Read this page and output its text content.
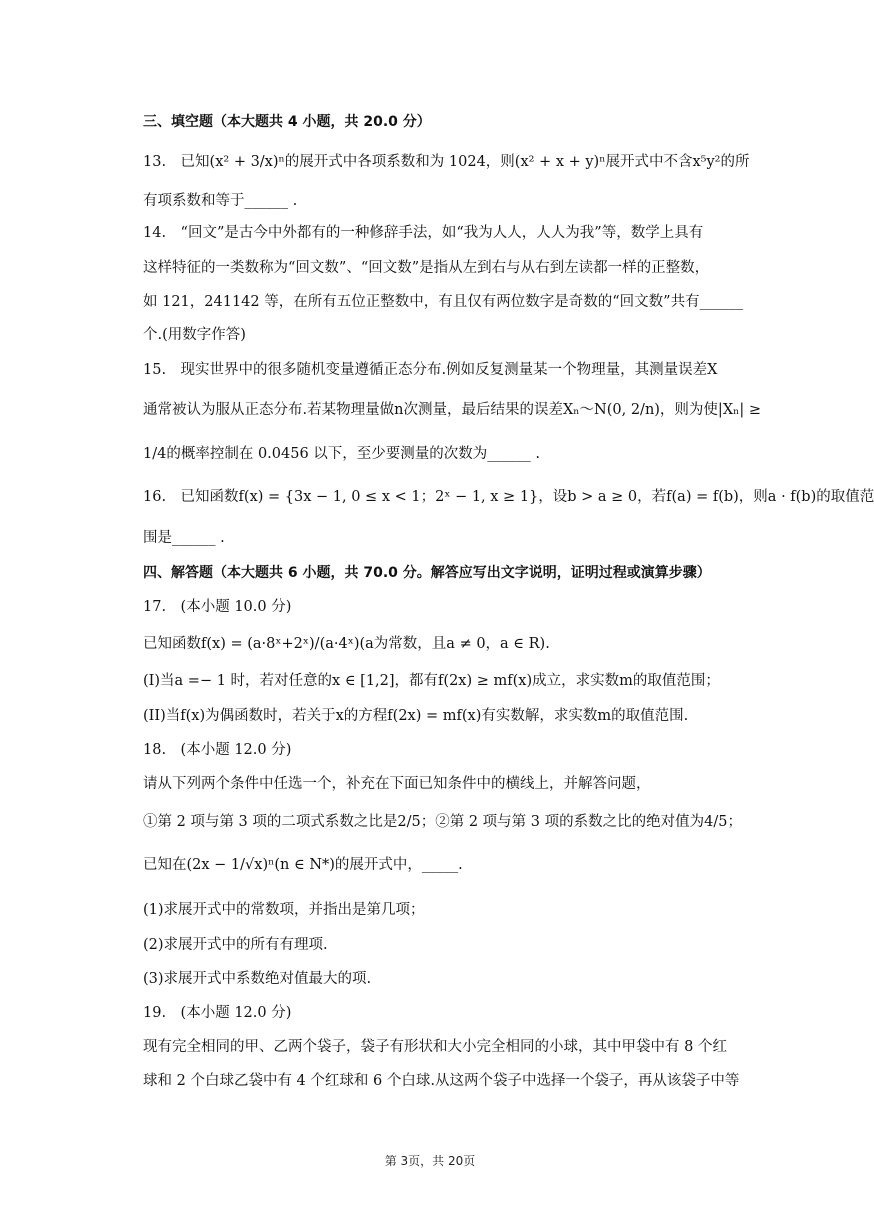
三、填空题（本大题共 4 小题，共 20.0 分）
13.　已知(x² + 3/x)ⁿ的展开式中各项系数和为 1024，则(x² + x + y)ⁿ展开式中不含x⁵y²的所
有项系数和等于______ .
14.　“回文”是古今中外都有的一种修辞手法，如“我为人人，人人为我”等，数学上具有
这样特征的一类数称为“回文数”、“回文数”是指从左到右与从右到左读都一样的正整数，
如 121，241142 等，在所有五位正整数中，有且仅有两位数字是奇数的“回文数”共有______
个.(用数字作答)
15.　现实世界中的很多随机变量遵循正态分布.例如反复测量某一个物理量，其测量误差X
通常被认为服从正态分布.若某物理量做n次测量，最后结果的误差Xₙ～N(0, 2/n)，则为使|Xₙ| ≥
1/4的概率控制在 0.0456 以下，至少要测量的次数为______ .
16.　已知函数f(x) = {3x − 1, 0 ≤ x < 1；2ˣ − 1, x ≥ 1}，设b > a ≥ 0，若f(a) = f(b)，则a · f(b)的取值范
围是______ .
四、解答题（本大题共 6 小题，共 70.0 分。解答应写出文字说明，证明过程或演算步骤）
17.　(本小题 10.0 分)
已知函数f(x) = (a·8ˣ+2ˣ)/(a·4ˣ)(a为常数，且a ≠ 0，a ∈ R).
(I)当a =− 1 时，若对任意的x ∈ [1,2]，都有f(2x) ≥ mf(x)成立，求实数m的取值范围；
(II)当f(x)为偶函数时，若关于x的方程f(2x) = mf(x)有实数解，求实数m的取值范围.
18.　(本小题 12.0 分)
请从下列两个条件中任选一个，补充在下面已知条件中的横线上，并解答问题，
①第 2 项与第 3 项的二项式系数之比是2/5；②第 2 项与第 3 项的系数之比的绝对值为4/5；
已知在(2x − 1/√x)ⁿ(n ∈ N*)的展开式中，_____.
(1)求展开式中的常数项，并指出是第几项；
(2)求展开式中的所有有理项.
(3)求展开式中系数绝对值最大的项.
19.　(本小题 12.0 分)
现有完全相同的甲、乙两个袋子，袋子有形状和大小完全相同的小球，其中甲袋中有 8 个红
球和 2 个白球乙袋中有 4 个红球和 6 个白球.从这两个袋子中选择一个袋子，再从该袋子中等
第 3页，共 20页
